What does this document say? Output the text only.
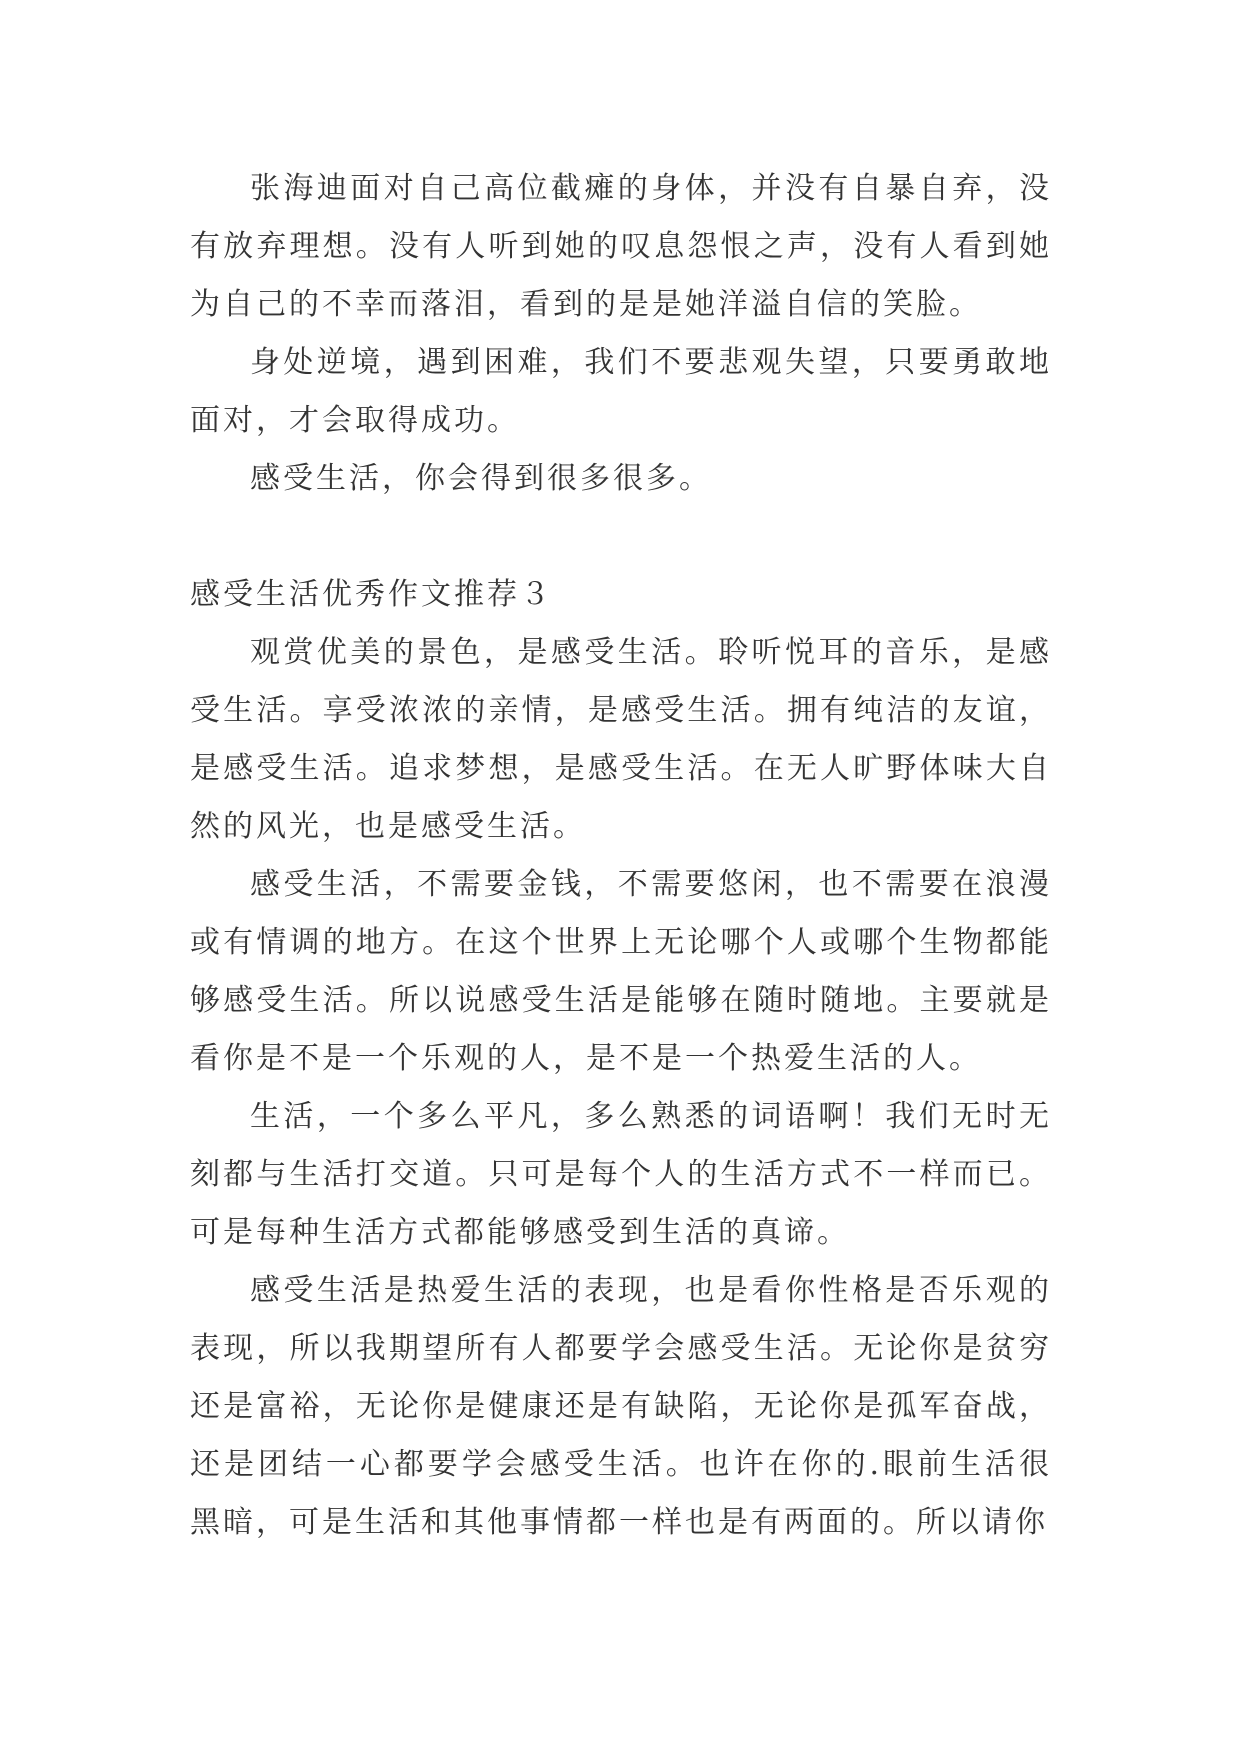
张海迪面对自己高位截瘫的身体，并没有自暴自弃，没有放弃理想。没有人听到她的叹息怨恨之声，没有人看到她为自己的不幸而落泪，看到的是是她洋溢自信的笑脸。

身处逆境，遇到困难，我们不要悲观失望，只要勇敢地面对，才会取得成功。

感受生活，你会得到很多很多。

感受生活优秀作文推荐３

观赏优美的景色，是感受生活。聆听悦耳的音乐，是感受生活。享受浓浓的亲情，是感受生活。拥有纯洁的友谊，是感受生活。追求梦想，是感受生活。在无人旷野体味大自然的风光，也是感受生活。

感受生活，不需要金钱，不需要悠闲，也不需要在浪漫或有情调的地方。在这个世界上无论哪个人或哪个生物都能够感受生活。所以说感受生活是能够在随时随地。主要就是看你是不是一个乐观的人，是不是一个热爱生活的人。

生活，一个多么平凡，多么熟悉的词语啊！我们无时无刻都与生活打交道。只可是每个人的生活方式不一样而已。可是每种生活方式都能够感受到生活的真谛。

感受生活是热爱生活的表现，也是看你性格是否乐观的表现，所以我期望所有人都要学会感受生活。无论你是贫穷还是富裕，无论你是健康还是有缺陷，无论你是孤军奋战，还是团结一心都要学会感受生活。也许在你的.眼前生活很黑暗，可是生活和其他事情都一样也是有两面的。所以请你
